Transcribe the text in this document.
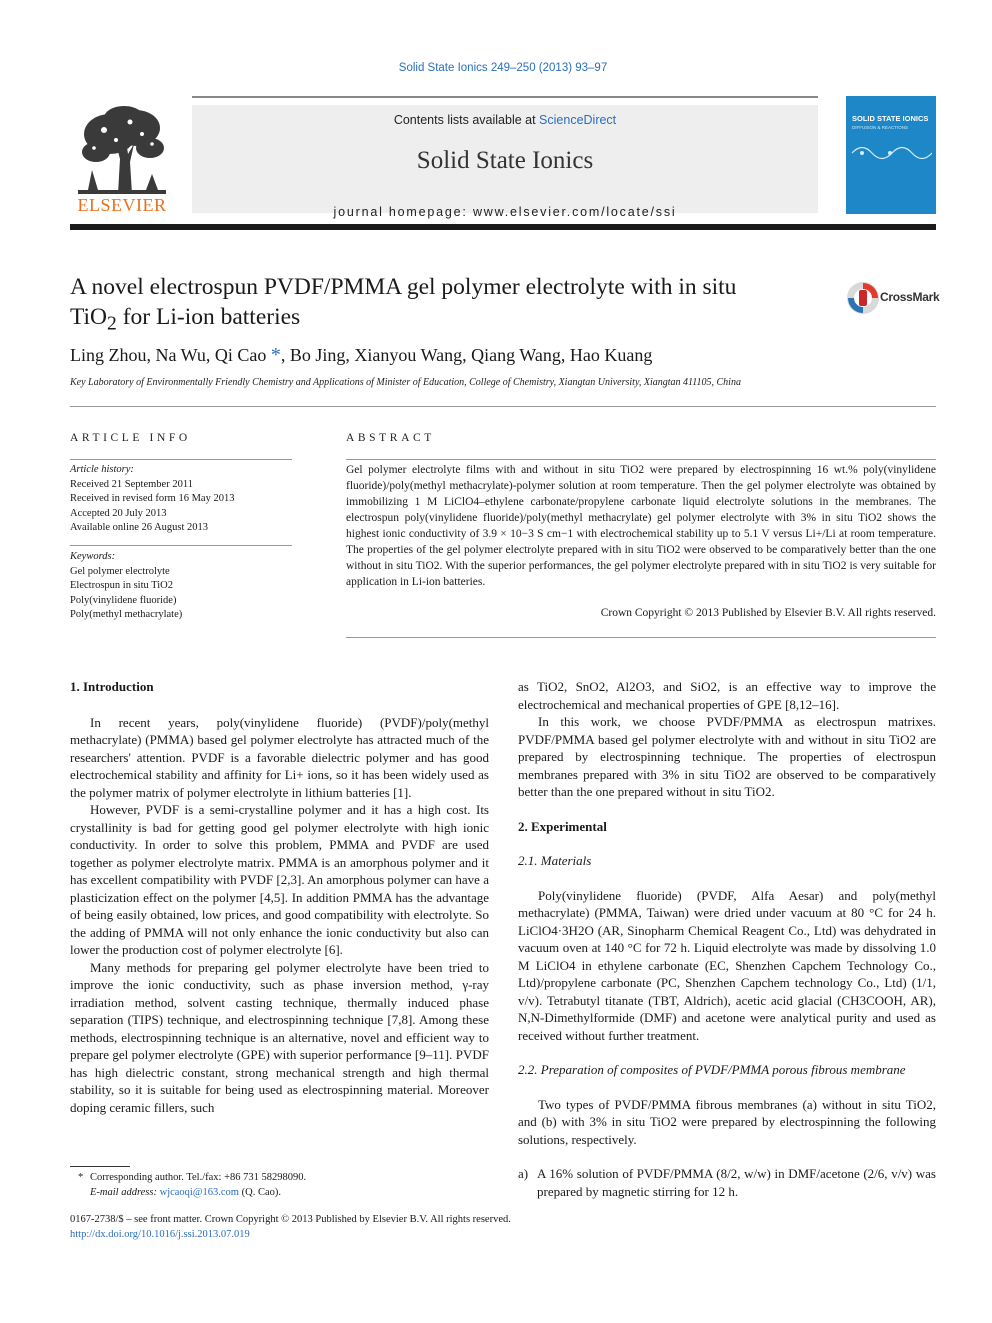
Solid State Ionics 249–250 (2013) 93–97
ELSEVIER
Contents lists available at ScienceDirect
Solid State Ionics
journal homepage: www.elsevier.com/locate/ssi
SOLID STATE IONICS
DIFFUSION & REACTIONS
A novel electrospun PVDF/PMMA gel polymer electrolyte with in situ
TiO$_2$ for Li-ion batteries
CrossMark
Ling Zhou, Na Wu, Qi Cao *, Bo Jing, Xianyou Wang, Qiang Wang, Hao Kuang
Key Laboratory of Environmentally Friendly Chemistry and Applications of Minister of Education, College of Chemistry, Xiangtan University, Xiangtan 411105, China
ARTICLE INFO	ABSTRACT
Article history:
Received 21 September 2011
Received in revised form 16 May 2013
Accepted 20 July 2013
Available online 26 August 2013
Keywords:
Gel polymer electrolyte
Electrospun in situ TiO2
Poly(vinylidene fluoride)
Poly(methyl methacrylate)
Gel polymer electrolyte films with and without in situ TiO2 were prepared by electrospinning 16 wt.% poly(vinylidene fluoride)/poly(methyl methacrylate)-polymer solution at room temperature. Then the gel polymer electrolyte was obtained by immobilizing 1 M LiClO4–ethylene carbonate/propylene carbonate liquid electrolyte solutions in the membranes. The electrospun poly(vinylidene fluoride)/poly(methyl methacrylate) gel polymer electrolyte with 3% in situ TiO2 shows the highest ionic conductivity of 3.9 × 10−3 S cm−1 with electrochemical stability up to 5.1 V versus Li+/Li at room temperature. The properties of the gel polymer electrolyte prepared with in situ TiO2 were observed to be comparatively better than the one without in situ TiO2. With the superior performances, the gel polymer electrolyte prepared with in situ TiO2 is very suitable for application in Li-ion batteries.
Crown Copyright © 2013 Published by Elsevier B.V. All rights reserved.
1. Introduction

In recent years, poly(vinylidene fluoride) (PVDF)/poly(methyl methacrylate) (PMMA) based gel polymer electrolyte has attracted much of the researchers' attention. PVDF is a favorable dielectric polymer and has good electrochemical stability and affinity for Li+ ions, so it has been widely used as the polymer matrix of polymer electrolyte in lithium batteries [1].

However, PVDF is a semi-crystalline polymer and it has a high cost. Its crystallinity is bad for getting good gel polymer electrolyte with high ionic conductivity. In order to solve this problem, PMMA and PVDF are used together as polymer electrolyte matrix. PMMA is an amorphous polymer and it has excellent compatibility with PVDF [2,3]. An amorphous polymer can have a plasticization effect on the polymer [4,5]. In addition PMMA has the advantage of being easily obtained, low prices, and good compatibility with electrolyte. So the adding of PMMA will not only enhance the ionic conductivity but also can lower the production cost of polymer electrolyte [6].

Many methods for preparing gel polymer electrolyte have been tried to improve the ionic conductivity, such as phase inversion method, γ-ray irradiation method, solvent casting technique, thermally induced phase separation (TIPS) technique, and electrospinning technique [7,8]. Among these methods, electrospinning technique is an alternative, novel and efficient way to prepare gel polymer electrolyte (GPE) with superior performance [9–11]. PVDF has high dielectric constant, strong mechanical strength and high thermal stability, so it is suitable for being used as electrospinning material. Moreover doping ceramic fillers, such

as TiO2, SnO2, Al2O3, and SiO2, is an effective way to improve the electrochemical and mechanical properties of GPE [8,12–16].

In this work, we choose PVDF/PMMA as electrospun matrixes. PVDF/PMMA based gel polymer electrolyte with and without in situ TiO2 are prepared by electrospinning technique. The properties of electrospun membranes prepared with 3% in situ TiO2 are observed to be comparatively better than the one prepared without in situ TiO2.

2. Experimental
2.1. Materials

Poly(vinylidene fluoride) (PVDF, Alfa Aesar) and poly(methyl methacrylate) (PMMA, Taiwan) were dried under vacuum at 80 °C for 24 h. LiClO4·3H2O (AR, Sinopharm Chemical Reagent Co., Ltd) was dehydrated in vacuum oven at 140 °C for 72 h. Liquid electrolyte was made by dissolving 1.0 M LiClO4 in ethylene carbonate (EC, Shenzhen Capchem Technology Co., Ltd)/propylene carbonate (PC, Shenzhen Capchem technology Co., Ltd) (1/1, v/v). Tetrabutyl titanate (TBT, Aldrich), acetic acid glacial (CH3COOH, AR), N,N-Dimethylformide (DMF) and acetone were analytical purity and used as received without further treatment.

2.2. Preparation of composites of PVDF/PMMA porous fibrous membrane

Two types of PVDF/PMMA fibrous membranes (a) without in situ TiO2, and (b) with 3% in situ TiO2 were prepared by electrospinning the following solutions, respectively.

a) A 16% solution of PVDF/PMMA (8/2, w/w) in DMF/acetone (2/6, v/v) was prepared by magnetic stirring for 12 h.
* Corresponding author. Tel./fax: +86 731 58298090.
E-mail address: wjcaoqi@163.com (Q. Cao).
0167-2738/$ – see front matter. Crown Copyright © 2013 Published by Elsevier B.V. All rights reserved.
http://dx.doi.org/10.1016/j.ssi.2013.07.019
